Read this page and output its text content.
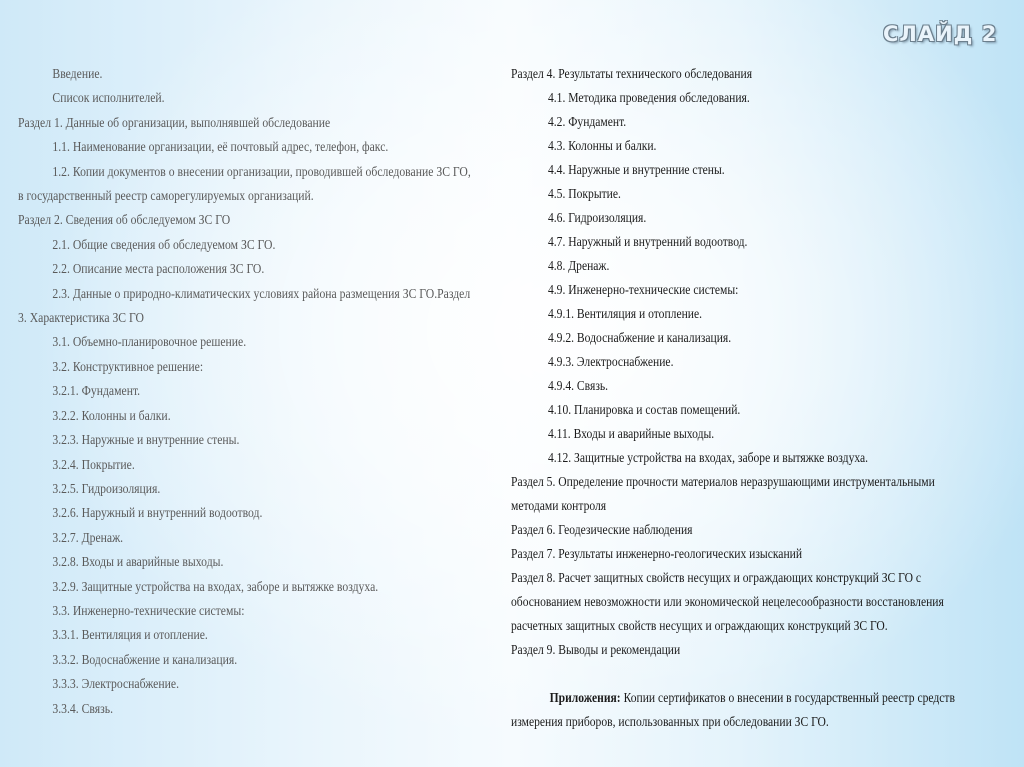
СЛАЙД 2
Введение.
Список исполнителей.
Раздел 1. Данные об организации, выполнявшей обследование
1.1. Наименование организации, её почтовый адрес, телефон, факс.
1.2. Копии документов о внесении организации, проводившей обследование ЗС ГО,
в государственный реестр саморегулируемых организаций.
Раздел 2. Сведения об обследуемом ЗС ГО
2.1. Общие сведения об обследуемом ЗС ГО.
2.2. Описание места расположения ЗС ГО.
2.3. Данные о природно-климатических условиях района размещения ЗС ГО.Раздел
3. Характеристика ЗС ГО
3.1. Объемно-планировочное решение.
3.2. Конструктивное решение:
3.2.1. Фундамент.
3.2.2. Колонны и балки.
3.2.3. Наружные и внутренние стены.
3.2.4. Покрытие.
3.2.5. Гидроизоляция.
3.2.6. Наружный и внутренний водоотвод.
3.2.7. Дренаж.
3.2.8. Входы и аварийные выходы.
3.2.9. Защитные устройства на входах, заборе и вытяжке воздуха.
3.3. Инженерно-технические системы:
3.3.1. Вентиляция и отопление.
3.3.2. Водоснабжение и канализация.
3.3.3. Электроснабжение.
3.3.4. Связь.
Раздел 4. Результаты технического обследования
4.1. Методика проведения обследования.
4.2. Фундамент.
4.3. Колонны и балки.
4.4. Наружные и внутренние стены.
4.5. Покрытие.
4.6. Гидроизоляция.
4.7. Наружный и внутренний водоотвод.
4.8. Дренаж.
4.9. Инженерно-технические системы:
4.9.1. Вентиляция и отопление.
4.9.2. Водоснабжение и канализация.
4.9.3. Электроснабжение.
4.9.4. Связь.
4.10. Планировка и состав помещений.
4.11. Входы и аварийные выходы.
4.12. Защитные устройства на входах, заборе и вытяжке воздуха.
Раздел 5. Определение прочности материалов неразрушающими инструментальными
методами контроля
Раздел 6. Геодезические наблюдения
Раздел 7. Результаты инженерно-геологических изысканий
Раздел 8. Расчет защитных свойств несущих и ограждающих конструкций ЗС ГО с
обоснованием невозможности или экономической нецелесообразности восстановления
расчетных защитных свойств несущих и ограждающих конструкций ЗС ГО.
Раздел 9. Выводы и рекомендации
Приложения: Копии сертификатов о внесении в государственный реестр средств
измерения приборов, использованных при обследовании ЗС ГО.
